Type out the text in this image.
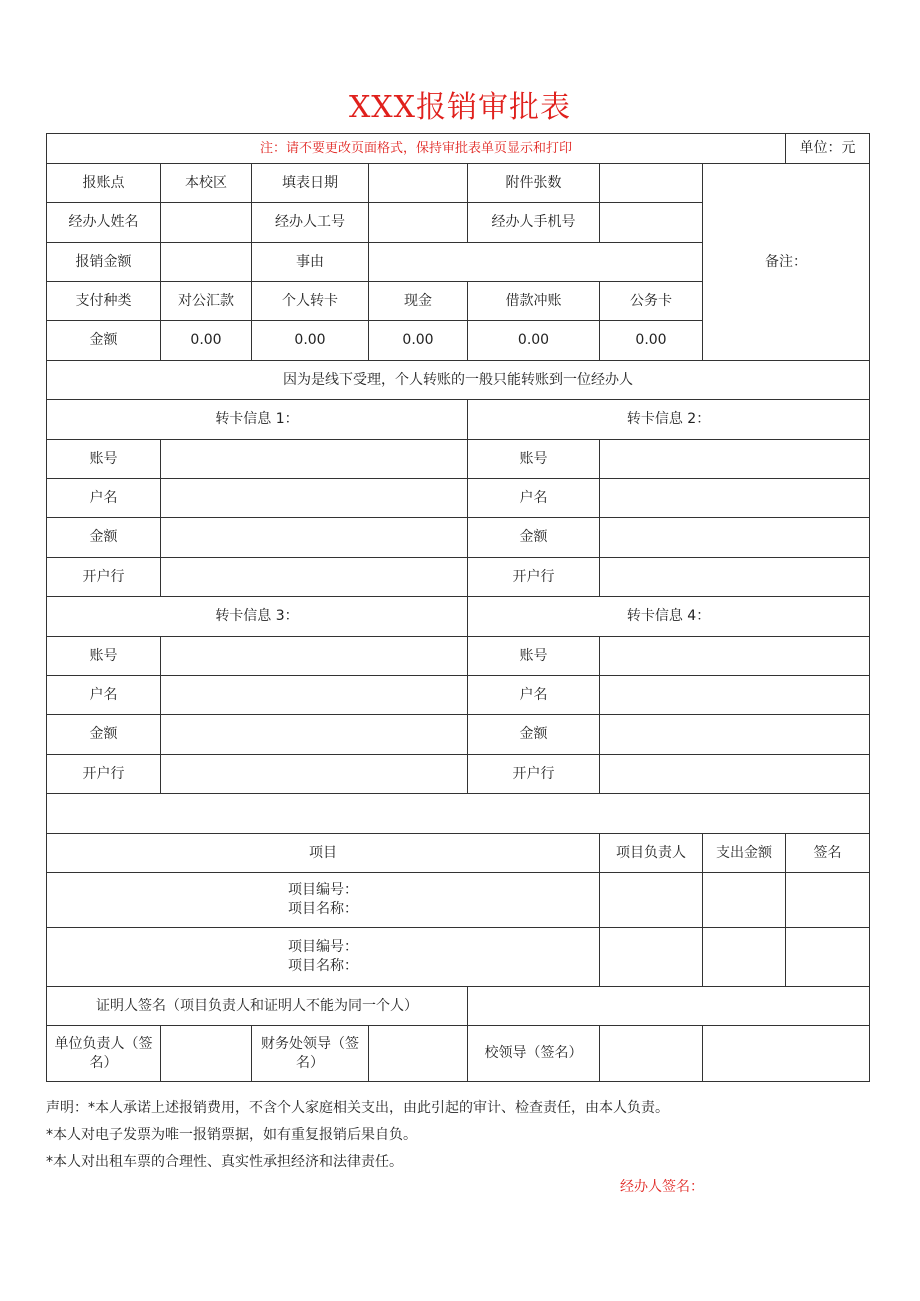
XXX报销审批表
注：请不要更改页面格式，保持审批表单页显示和打印							单位：元
报账点	本校区	填表日期		附件张数		备注：	
经办人姓名		经办人工号		经办人手机号			
报销金额		事由					
支付种类	对公汇款	个人转卡	现金	借款冲账	公务卡		
金额	0.00	0.00	0.00	0.00	0.00		
因为是线下受理，个人转账的一般只能转账到一位经办人							
转卡信息 1：				转卡信息 2：			
账号				账号			
户名				户名			
金额				金额			
开户行				开户行			
转卡信息 3：				转卡信息 4：			
账号				账号			
户名				户名			
金额				金额			
开户行				开户行			

项目					项目负责人	支出金额	签名

项目编号：
项目名称：							

项目编号：
项目名称：							

证明人签名（项目负责人和证明人不能为同一个人）							
单位负责人（签名）		财务处领导（签名）		校领导（签名）			
声明：*本人承诺上述报销费用，不含个人家庭相关支出，由此引起的审计、检查责任，由本人负责。
*本人对电子发票为唯一报销票据，如有重复报销后果自负。
*本人对出租车票的合理性、真实性承担经济和法律责任。
经办人签名：
